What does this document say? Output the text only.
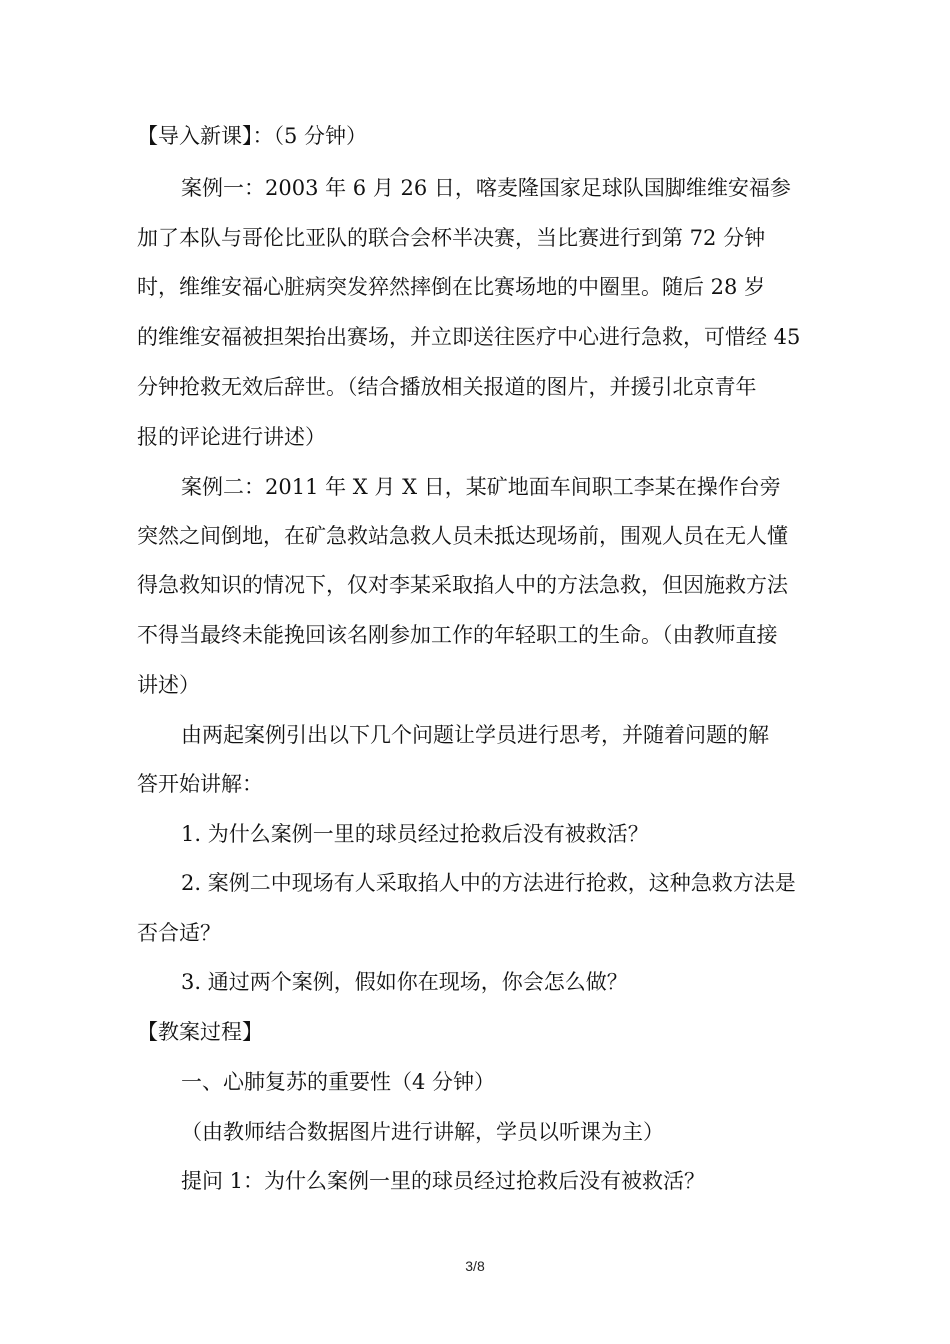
【导入新课】：（5 分钟）
案例一：2003 年 6 月 26 日，喀麦隆国家足球队国脚维维安福参
加了本队与哥伦比亚队的联合会杯半决赛，当比赛进行到第 72 分钟
时，维维安福心脏病突发猝然摔倒在比赛场地的中圈里。随后 28 岁
的维维安福被担架抬出赛场，并立即送往医疗中心进行急救，可惜经 45
分钟抢救无效后辞世。（结合播放相关报道的图片，并援引北京青年
报的评论进行讲述）
案例二：2011 年 X 月 X 日，某矿地面车间职工李某在操作台旁
突然之间倒地，在矿急救站急救人员未抵达现场前，围观人员在无人懂
得急救知识的情况下，仅对李某采取掐人中的方法急救，但因施救方法
不得当最终未能挽回该名刚参加工作的年轻职工的生命。（由教师直接
讲述）
由两起案例引出以下几个问题让学员进行思考，并随着问题的解
答开始讲解：
1. 为什么案例一里的球员经过抢救后没有被救活？
2. 案例二中现场有人采取掐人中的方法进行抢救，这种急救方法是
否合适？
3. 通过两个案例，假如你在现场，你会怎么做？
【教案过程】
一、心肺复苏的重要性（4 分钟）
（由教师结合数据图片进行讲解，学员以听课为主）
提问 1：为什么案例一里的球员经过抢救后没有被救活？
3/8
